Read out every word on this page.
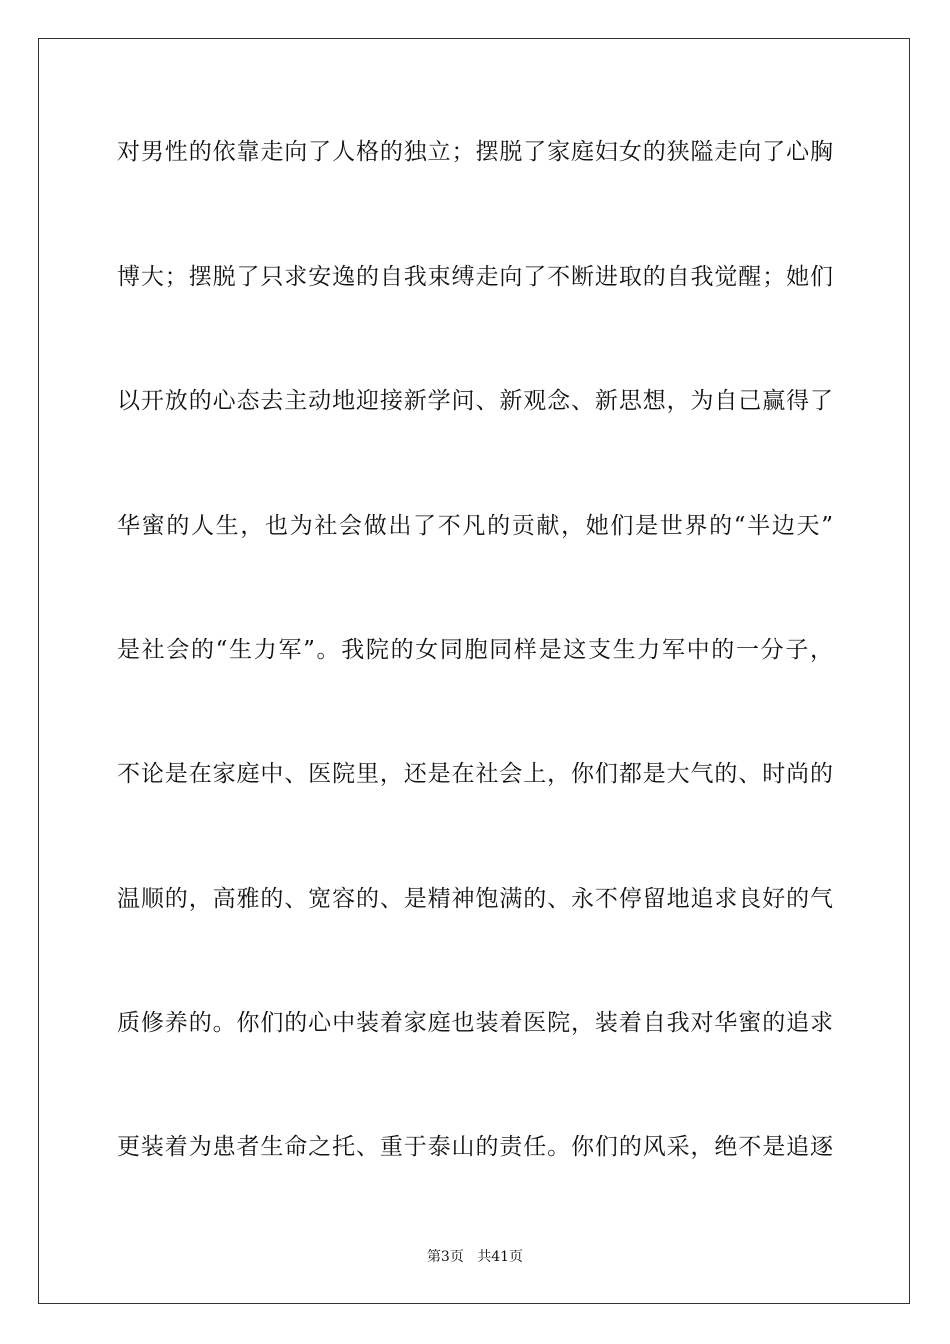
对男性的依靠走向了人格的独立；摆脱了家庭妇女的狭隘走向了心胸
博大；摆脱了只求安逸的自我束缚走向了不断进取的自我觉醒；她们
以开放的心态去主动地迎接新学问、新观念、新思想，为自己赢得了
华蜜的人生，也为社会做出了不凡的贡献，她们是世界的“半边天”
是社会的“生力军”。我院的女同胞同样是这支生力军中的一分子，
不论是在家庭中、医院里，还是在社会上，你们都是大气的、时尚的
温顺的，高雅的、宽容的、是精神饱满的、永不停留地追求良好的气
质修养的。你们的心中装着家庭也装着医院，装着自我对华蜜的追求
更装着为患者生命之托、重于泰山的责任。你们的风采，绝不是追逐
第3页 共41页
